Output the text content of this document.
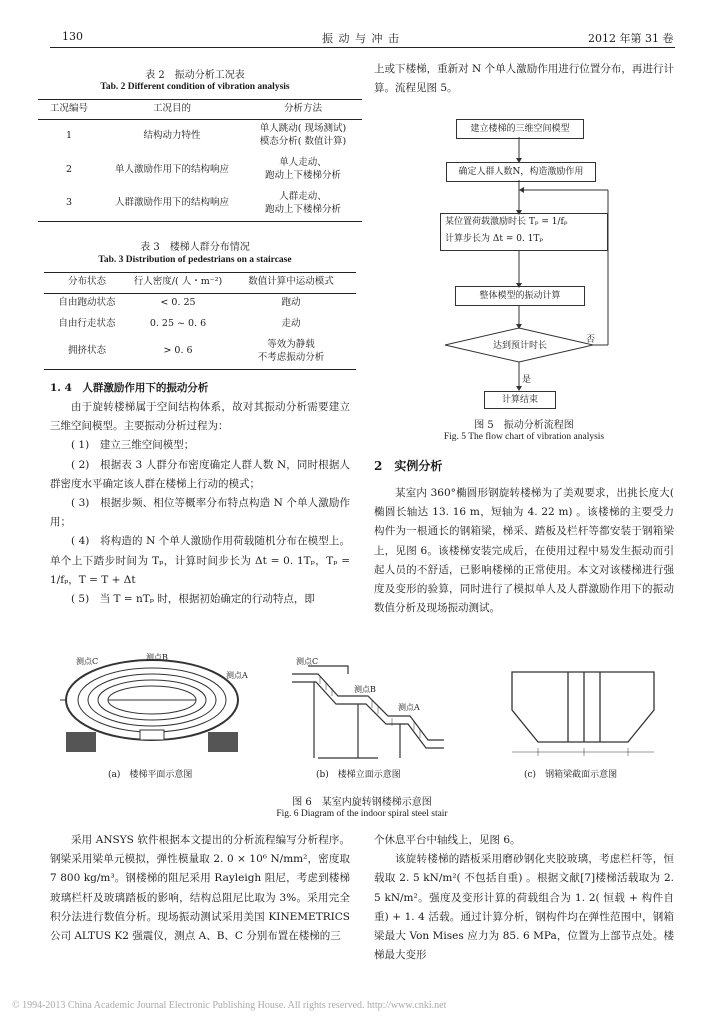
130	振 动 与 冲 击	2012 年第 31 卷
表 2　振动分析工况表
Tab. 2 Different condition of vibration analysis
工况编号	工况目的	分析方法
1	结构动力特性	单人跳动( 现场测试)
模态分析( 数值计算)

2	单人激励作用下的结构响应	单人走动、
跑动上下楼梯分析

3	人群激励作用下的结构响应	人群走动、
跑动上下楼梯分析
表 3　楼梯人群分布情况
Tab. 3 Distribution of pedestrians on a staircase
分布状态	行人密度/( 人・m⁻²)	数值计算中运动模式
自由跑动状态	< 0. 25	跑动
自由行走状态	0. 25 ~ 0. 6	走动
拥挤状态	> 0. 6	等效为静载
不考虑振动分析
1. 4　人群激励作用下的振动分析

由于旋转楼梯属于空间结构体系，故对其振动分析需要建立三维空间模型。主要振动分析过程为：

( 1)　建立三维空间模型；

( 2)　根据表 3 人群分布密度确定人群人数 N，同时根据人群密度水平确定该人群在楼梯上行动的模式；

( 3)　根据步频、相位等概率分布特点构造 N 个单人激励作用；

( 4)　将构造的 N 个单人激励作用荷载随机分布在模型上。单个上下踏步时间为 Tₚ，计算时间步长为 Δt = 0. 1Tₚ，Tₚ = 1/fₚ，T = T + Δt

( 5)　当 T = nTₚ 时，根据初始确定的行动特点，即

上或下楼梯，重新对 N 个单人激励作用进行位置分布，再进行计算。流程见图 5。
建立楼梯的三维空间模型
确定人群人数N，构造激励作用
某位置荷载激励时长 Tₚ = 1/fₚ
计算步长为 Δt = 0. 1Tₚ
整体模型的振动计算
达到预计时长
否
是
计算结束
图 5　振动分析流程图
Fig. 5 The flow chart of vibration analysis
2　实例分析
某室内 360°椭圆形钢旋转楼梯为了美观要求，出挑长度大( 椭圆长轴达 13. 16 m，短轴为 4. 22 m) 。该楼梯的主要受力构件为一根通长的钢箱梁，梯采、踏板及栏杆等都安装于钢箱梁上，见图 6。该楼梯安装完成后，在使用过程中易发生振动而引起人员的不舒适，已影响楼梯的正常使用。本文对该楼梯进行强度及变形的验算，同时进行了模拟单人及人群激励作用下的振动数值分析及现场振动测试。
测点C	测点B
测点A
(a)　楼梯平面示意图
测点C
测点B
测点A
(b)　楼梯立面示意图	(c)　钢箱梁截面示意图
图 6　某室内旋转钢楼梯示意图
Fig. 6 Diagram of the indoor spiral steel stair
采用 ANSYS 软件根据本文提出的分析流程编写分析程序。钢梁采用梁单元模拟，弹性模量取 2. 0 × 10⁶ N/mm²，密度取 7 800 kg/m³。钢楼梯的阻尼采用 Rayleigh 阻尼，考虑到楼梯玻璃栏杆及玻璃踏板的影响，结构总阻尼比取为 3%。采用完全积分法进行数值分析。现场振动测试采用美国 KINEMETRICS 公司 ALTUS K2 强震仪，测点 A、B、C 分别布置在楼梯的三

个休息平台中轴线上，见图 6。

该旋转楼梯的踏板采用磨砂钢化夹胶玻璃，考虑栏杆等，恒载取 2. 5 kN/m²( 不包括自重) 。根据文献[7]楼梯活载取为 2. 5 kN/m²。强度及变形计算的荷载组合为 1. 2( 恒载 + 构件自重) + 1. 4 活载。通过计算分析，钢构件均在弹性范围中，钢箱梁最大 Von Mises 应力为 85. 6 MPa，位置为上部节点处。楼梯最大变形

© 1994-2013 China Academic Journal Electronic Publishing House. All rights reserved. http://www.cnki.net
